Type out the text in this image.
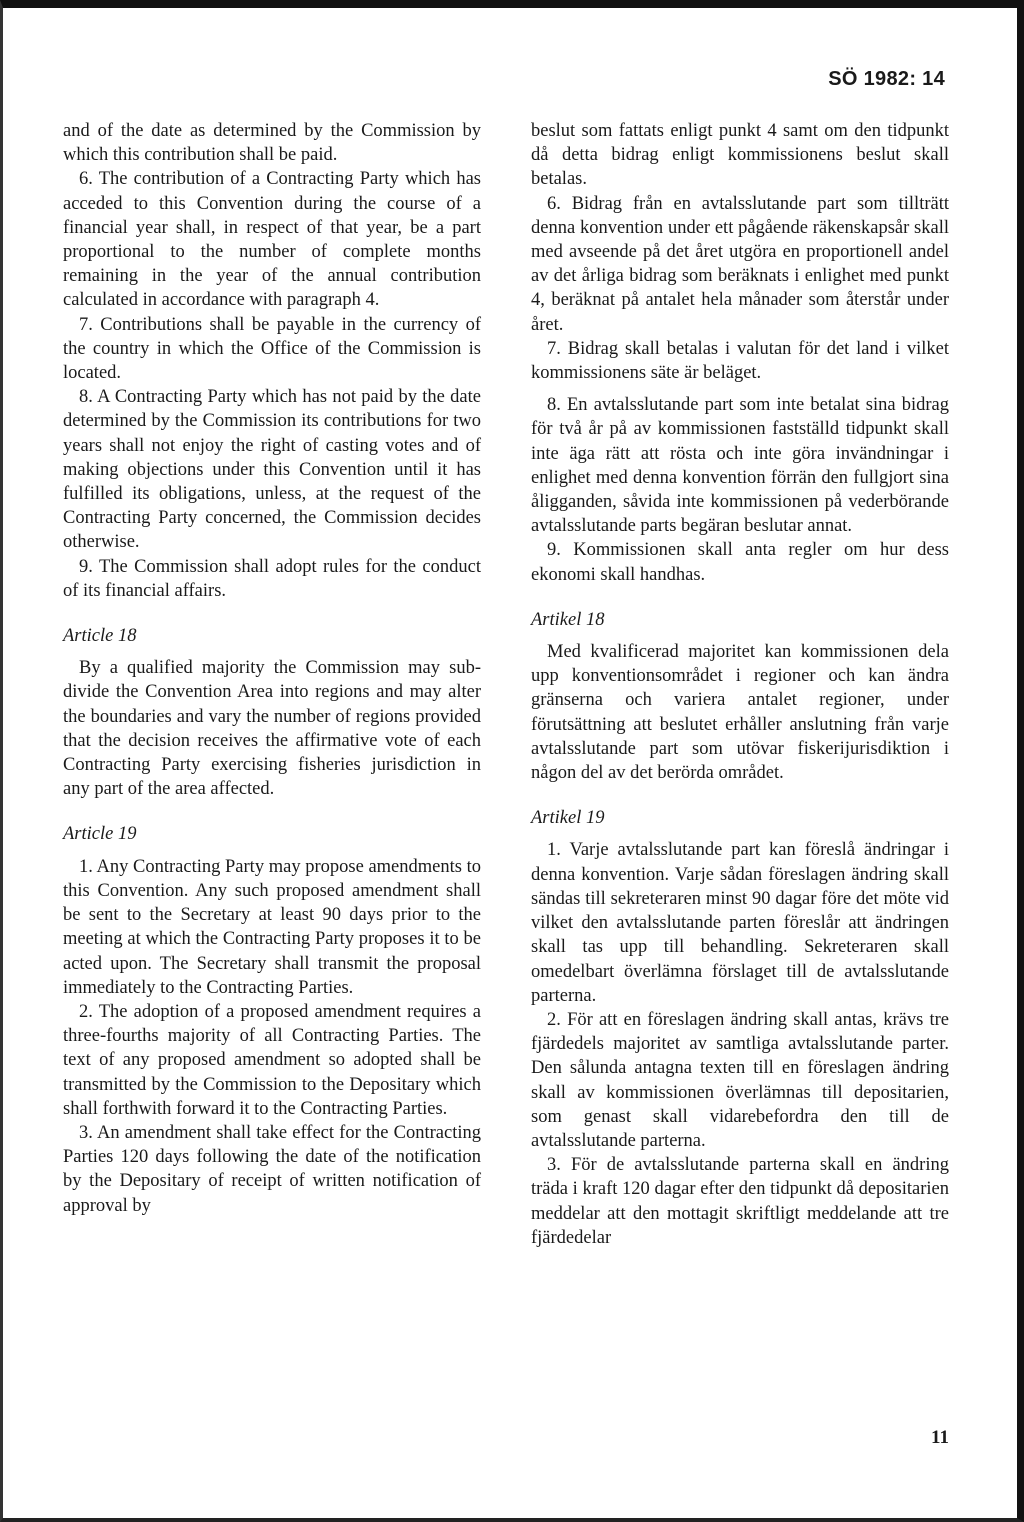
SÖ 1982: 14

and of the date as determined by the Commission by which this contribution shall be paid.

6. The contribution of a Contracting Party which has acceded to this Convention during the course of a financial year shall, in respect of that year, be a part proportional to the number of complete months remaining in the year of the annual contribution calculated in accordance with paragraph 4.

7. Contributions shall be payable in the currency of the country in which the Office of the Commission is located.

8. A Contracting Party which has not paid by the date determined by the Commission its contributions for two years shall not enjoy the right of casting votes and of making objections under this Convention until it has fulfilled its obligations, unless, at the request of the Contracting Party concerned, the Commission decides otherwise.

9. The Commission shall adopt rules for the conduct of its financial affairs.

Article 18

By a qualified majority the Commission may sub-divide the Convention Area into regions and may alter the boundaries and vary the number of regions provided that the decision receives the affirmative vote of each Contracting Party exercising fisheries jurisdiction in any part of the area affected.

Article 19

1. Any Contracting Party may propose amendments to this Convention. Any such proposed amendment shall be sent to the Secretary at least 90 days prior to the meeting at which the Contracting Party proposes it to be acted upon. The Secretary shall transmit the proposal immediately to the Contracting Parties.

2. The adoption of a proposed amendment requires a three-fourths majority of all Contracting Parties. The text of any proposed amendment so adopted shall be transmitted by the Commission to the Depositary which shall forthwith forward it to the Contracting Parties.

3. An amendment shall take effect for the Contracting Parties 120 days following the date of the notification by the Depositary of receipt of written notification of approval by

beslut som fattats enligt punkt 4 samt om den tidpunkt då detta bidrag enligt kommissionens beslut skall betalas.

6. Bidrag från en avtalsslutande part som tillträtt denna konvention under ett pågående räkenskapsår skall med avseende på det året utgöra en proportionell andel av det årliga bidrag som beräknats i enlighet med punkt 4, beräknat på antalet hela månader som återstår under året.

7. Bidrag skall betalas i valutan för det land i vilket kommissionens säte är beläget.

8. En avtalsslutande part som inte betalat sina bidrag för två år på av kommissionen fastställd tidpunkt skall inte äga rätt att rösta och inte göra invändningar i enlighet med denna konvention förrän den fullgjort sina åligganden, såvida inte kommissionen på vederbörande avtalsslutande parts begäran beslutar annat.

9. Kommissionen skall anta regler om hur dess ekonomi skall handhas.

Artikel 18

Med kvalificerad majoritet kan kommissionen dela upp konventionsområdet i regioner och kan ändra gränserna och variera antalet regioner, under förutsättning att beslutet erhåller anslutning från varje avtalsslutande part som utövar fiskerijurisdiktion i någon del av det berörda området.

Artikel 19

1. Varje avtalsslutande part kan föreslå ändringar i denna konvention. Varje sådan föreslagen ändring skall sändas till sekreteraren minst 90 dagar före det möte vid vilket den avtalsslutande parten föreslår att ändringen skall tas upp till behandling. Sekreteraren skall omedelbart överlämna förslaget till de avtalsslutande parterna.

2. För att en föreslagen ändring skall antas, krävs tre fjärdedels majoritet av samtliga avtalsslutande parter. Den sålunda antagna texten till en föreslagen ändring skall av kommissionen överlämnas till depositarien, som genast skall vidarebefordra den till de avtalsslutande parterna.

3. För de avtalsslutande parterna skall en ändring träda i kraft 120 dagar efter den tidpunkt då depositarien meddelar att den mottagit skriftligt meddelande att tre fjärdedelar

11
